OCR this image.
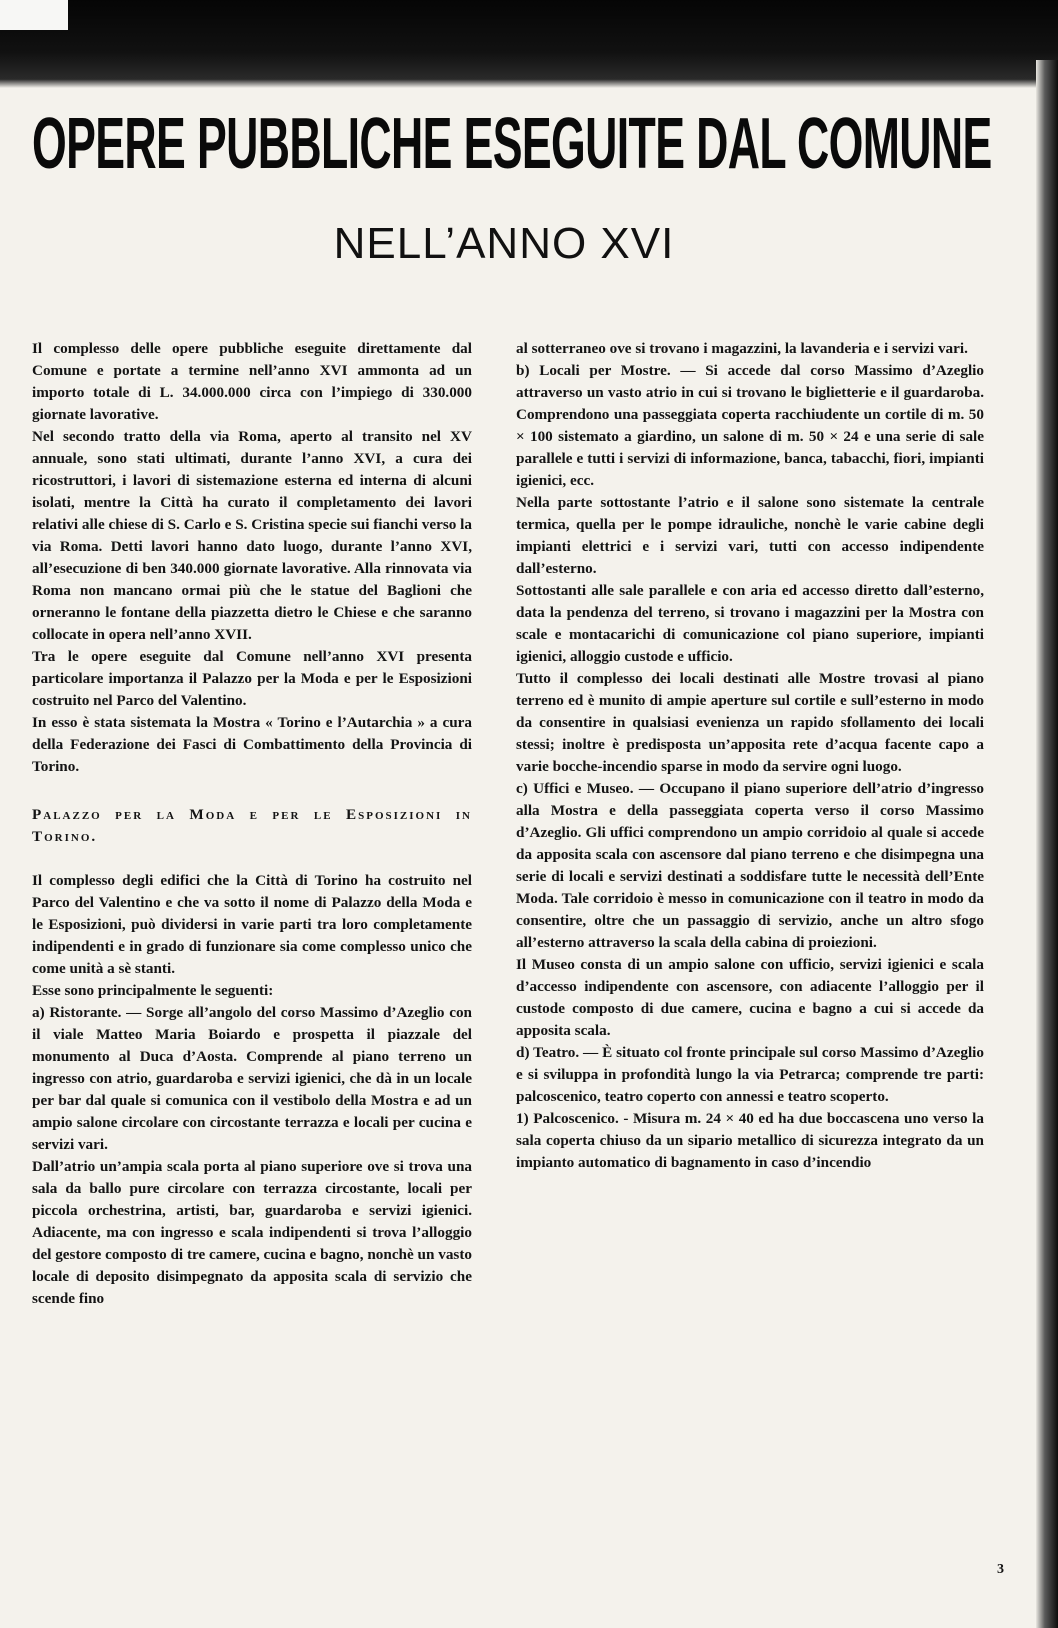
OPERE PUBBLICHE ESEGUITE DAL COMUNE
NELL’ANNO XVI

Il complesso delle opere pubbliche eseguite direttamente dal Comune e portate a termine nell’anno XVI ammonta ad un importo totale di L. 34.000.000 circa con l’impiego di 330.000 giornate lavorative.

Nel secondo tratto della via Roma, aperto al transito nel XV annuale, sono stati ultimati, durante l’anno XVI, a cura dei ricostruttori, i lavori di sistemazione esterna ed interna di alcuni isolati, mentre la Città ha curato il completamento dei lavori relativi alle chiese di S. Carlo e S. Cristina specie sui fianchi verso la via Roma. Detti lavori hanno dato luogo, durante l’anno XVI, all’esecuzione di ben 340.000 giornate lavorative. Alla rinnovata via Roma non mancano ormai più che le statue del Baglioni che orneranno le fontane della piazzetta dietro le Chiese e che saranno collocate in opera nell’anno XVII.

Tra le opere eseguite dal Comune nell’anno XVI presenta particolare importanza il Palazzo per la Moda e per le Esposizioni costruito nel Parco del Valentino.

In esso è stata sistemata la Mostra « Torino e l’Autarchia » a cura della Federazione dei Fasci di Combattimento della Provincia di Torino.

Palazzo per la Moda e per le Esposizioni in Torino.

Il complesso degli edifici che la Città di Torino ha costruito nel Parco del Valentino e che va sotto il nome di Palazzo della Moda e le Esposizioni, può dividersi in varie parti tra loro completamente indipendenti e in grado di funzionare sia come complesso unico che come unità a sè stanti.

Esse sono principalmente le seguenti:

a) Ristorante. — Sorge all’angolo del corso Massimo d’Azeglio con il viale Matteo Maria Boiardo e prospetta il piazzale del monumento al Duca d’Aosta. Comprende al piano terreno un ingresso con atrio, guardaroba e servizi igienici, che dà in un locale per bar dal quale si comunica con il vestibolo della Mostra e ad un ampio salone circolare con circostante terrazza e locali per cucina e servizi vari.

Dall’atrio un’ampia scala porta al piano superiore ove si trova una sala da ballo pure circolare con terrazza circostante, locali per piccola orchestrina, artisti, bar, guardaroba e servizi igienici. Adiacente, ma con ingresso e scala indipendenti si trova l’alloggio del gestore composto di tre camere, cucina e bagno, nonchè un vasto locale di deposito disimpegnato da apposita scala di servizio che scende fino

al sotterraneo ove si trovano i magazzini, la lavanderia e i servizi vari.

b) Locali per Mostre. — Si accede dal corso Massimo d’Azeglio attraverso un vasto atrio in cui si trovano le biglietterie e il guardaroba. Comprendono una passeggiata coperta racchiudente un cortile di m. 50 × 100 sistemato a giardino, un salone di m. 50 × 24 e una serie di sale parallele e tutti i servizi di informazione, banca, tabacchi, fiori, impianti igienici, ecc.

Nella parte sottostante l’atrio e il salone sono sistemate la centrale termica, quella per le pompe idrauliche, nonchè le varie cabine degli impianti elettrici e i servizi vari, tutti con accesso indipendente dall’esterno.

Sottostanti alle sale parallele e con aria ed accesso diretto dall’esterno, data la pendenza del terreno, si trovano i magazzini per la Mostra con scale e montacarichi di comunicazione col piano superiore, impianti igienici, alloggio custode e ufficio.

Tutto il complesso dei locali destinati alle Mostre trovasi al piano terreno ed è munito di ampie aperture sul cortile e sull’esterno in modo da consentire in qualsiasi evenienza un rapido sfollamento dei locali stessi; inoltre è predisposta un’apposita rete d’acqua facente capo a varie bocche-incendio sparse in modo da servire ogni luogo.

c) Uffici e Museo. — Occupano il piano superiore dell’atrio d’ingresso alla Mostra e della passeggiata coperta verso il corso Massimo d’Azeglio. Gli uffici comprendono un ampio corridoio al quale si accede da apposita scala con ascensore dal piano terreno e che disimpegna una serie di locali e servizi destinati a soddisfare tutte le necessità dell’Ente Moda. Tale corridoio è messo in comunicazione con il teatro in modo da consentire, oltre che un passaggio di servizio, anche un altro sfogo all’esterno attraverso la scala della cabina di proiezioni.

Il Museo consta di un ampio salone con ufficio, servizi igienici e scala d’accesso indipendente con ascensore, con adiacente l’alloggio per il custode composto di due camere, cucina e bagno a cui si accede da apposita scala.

d) Teatro. — È situato col fronte principale sul corso Massimo d’Azeglio e si sviluppa in profondità lungo la via Petrarca; comprende tre parti: palcoscenico, teatro coperto con annessi e teatro scoperto.

1) Palcoscenico. - Misura m. 24 × 40 ed ha due boccascena uno verso la sala coperta chiuso da un sipario metallico di sicurezza integrato da un impianto automatico di bagnamento in caso d’incendio

3
